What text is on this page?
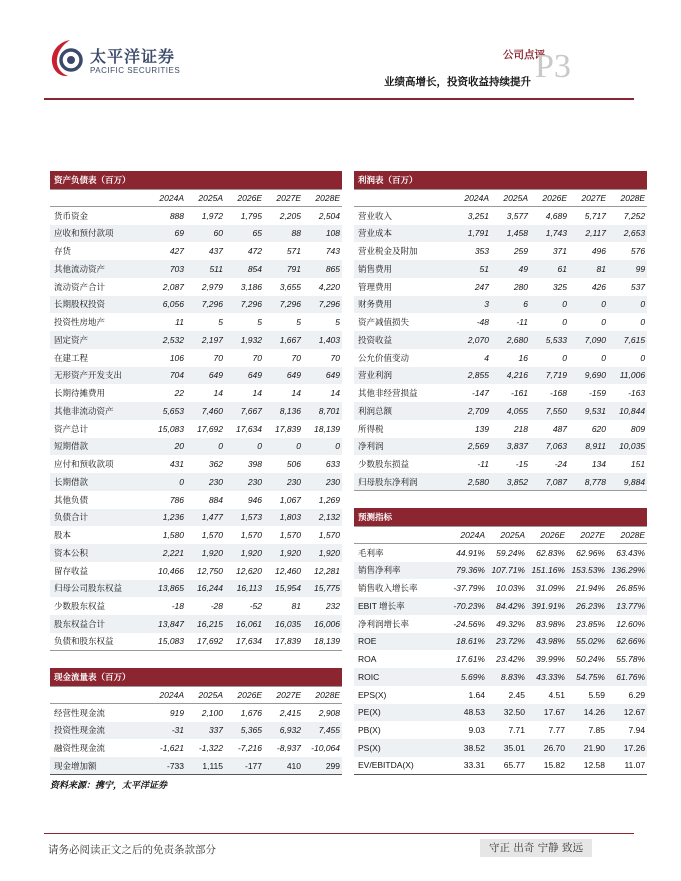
太平洋证券
PACIFIC SECURITIES
公司点评
业绩高增长，投资收益持续提升 P3
资产负债表（百万）					
	2024A	2025A	2026E	2027E	2028E
货币资金	888	1,972	1,795	2,205	2,504
应收和预付款项	69	60	65	88	108
存货	427	437	472	571	743
其他流动资产	703	511	854	791	865
流动资产合计	2,087	2,979	3,186	3,655	4,220
长期股权投资	6,056	7,296	7,296	7,296	7,296
投资性房地产	11	5	5	5	5
固定资产	2,532	2,197	1,932	1,667	1,403
在建工程	106	70	70	70	70
无形资产开发支出	704	649	649	649	649
长期待摊费用	22	14	14	14	14
其他非流动资产	5,653	7,460	7,667	8,136	8,701
资产总计	15,083	17,692	17,634	17,839	18,139
短期借款	20	0	0	0	0
应付和预收款项	431	362	398	506	633
长期借款	0	230	230	230	230
其他负债	786	884	946	1,067	1,269
负债合计	1,236	1,477	1,573	1,803	2,132
股本	1,580	1,570	1,570	1,570	1,570
资本公积	2,221	1,920	1,920	1,920	1,920
留存收益	10,466	12,750	12,620	12,460	12,281
归母公司股东权益	13,865	16,244	16,113	15,954	15,775
少数股东权益	-18	-28	-52	81	232
股东权益合计	13,847	16,215	16,061	16,035	16,006
负债和股东权益	15,083	17,692	17,634	17,839	18,139
利润表（百万）					
	2024A	2025A	2026E	2027E	2028E
营业收入	3,251	3,577	4,689	5,717	7,252
营业成本	1,791	1,458	1,743	2,117	2,653
营业税金及附加	353	259	371	496	576
销售费用	51	49	61	81	99
管理费用	247	280	325	426	537
财务费用	3	6	0	0	0
资产减值损失	-48	-11	0	0	0
投资收益	2,070	2,680	5,533	7,090	7,615
公允价值变动	4	16	0	0	0
营业利润	2,855	4,216	7,719	9,690	11,006
其他非经营损益	-147	-161	-168	-159	-163
利润总额	2,709	4,055	7,550	9,531	10,844
所得税	139	218	487	620	809
净利润	2,569	3,837	7,063	8,911	10,035
少数股东损益	-11	-15	-24	134	151
归母股东净利润	2,580	3,852	7,087	8,778	9,884
预测指标					
	2024A	2025A	2026E	2027E	2028E
毛利率	44.91%	59.24%	62.83%	62.96%	63.43%
销售净利率	79.36%	107.71%	151.16%	153.53%	136.29%
销售收入增长率	-37.79%	10.03%	31.09%	21.94%	26.85%
EBIT 增长率	-70.23%	84.42%	391.91%	26.23%	13.77%
净利润增长率	-24.56%	49.32%	83.98%	23.85%	12.60%
ROE	18.61%	23.72%	43.98%	55.02%	62.66%
ROA	17.61%	23.42%	39.99%	50.24%	55.78%
ROIC	5.69%	8.83%	43.33%	54.75%	61.76%
EPS(X)	1.64	2.45	4.51	5.59	6.29
PE(X)	48.53	32.50	17.67	14.26	12.67
PB(X)	9.03	7.71	7.77	7.85	7.94
PS(X)	38.52	35.01	26.70	21.90	17.26
EV/EBITDA(X)	33.31	65.77	15.82	12.58	11.07
现金流量表（百万）					
	2024A	2025A	2026E	2027E	2028E
经营性现金流	919	2,100	1,676	2,415	2,908
投资性现金流	-31	337	5,365	6,932	7,455
融资性现金流	-1,621	-1,322	-7,216	-8,937	-10,064
现金增加额	-733	1,115	-177	410	299
资料来源：携宁，太平洋证券
请务必阅读正文之后的免责条款部分	守正 出奇 宁静 致远
